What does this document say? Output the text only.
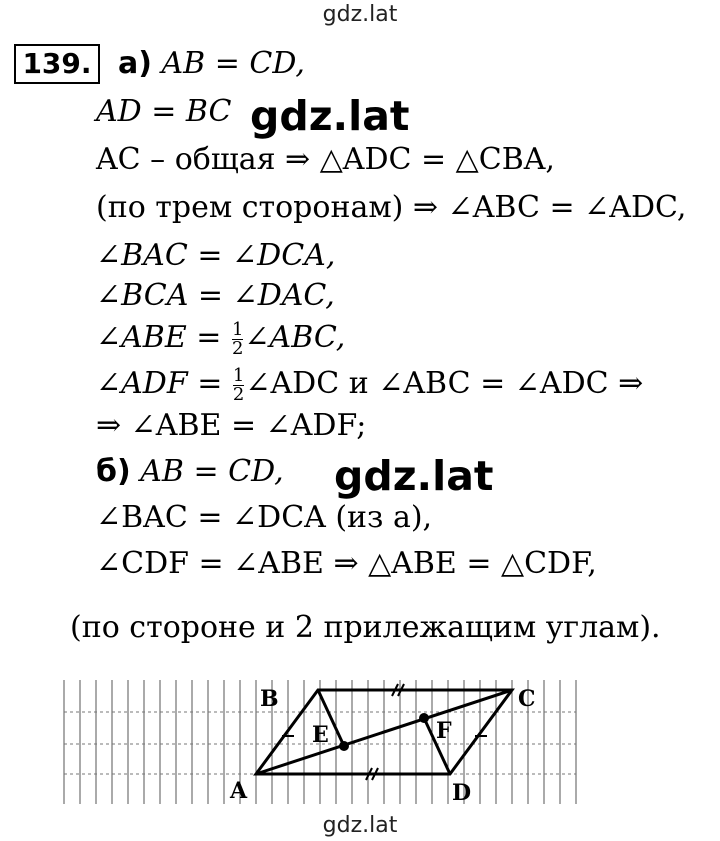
gdz.lat
139. а) AB = CD,
AD = BC
AC – общая ⇒ △ADC = △CBA,
(по трем сторонам) ⇒ ∠ABC = ∠ADC,
∠BAC = ∠DCA,
∠BCA = ∠DAC,
∠ABE = $\frac{1}{2}$ ∠ABC,
∠ADF = $\frac{1}{2}$ ∠ADC и ∠ABC = ∠ADC ⇒
⇒ ∠ABE = ∠ADF;
б) AB = CD,
∠BAC = ∠DCA (из а),
∠CDF = ∠ABE ⇒ △ABE = △CDF,
(по стороне и 2 прилежащим углам).
gdz.lat
gdz.lat
A
B	C
D
E	F
gdz.lat
